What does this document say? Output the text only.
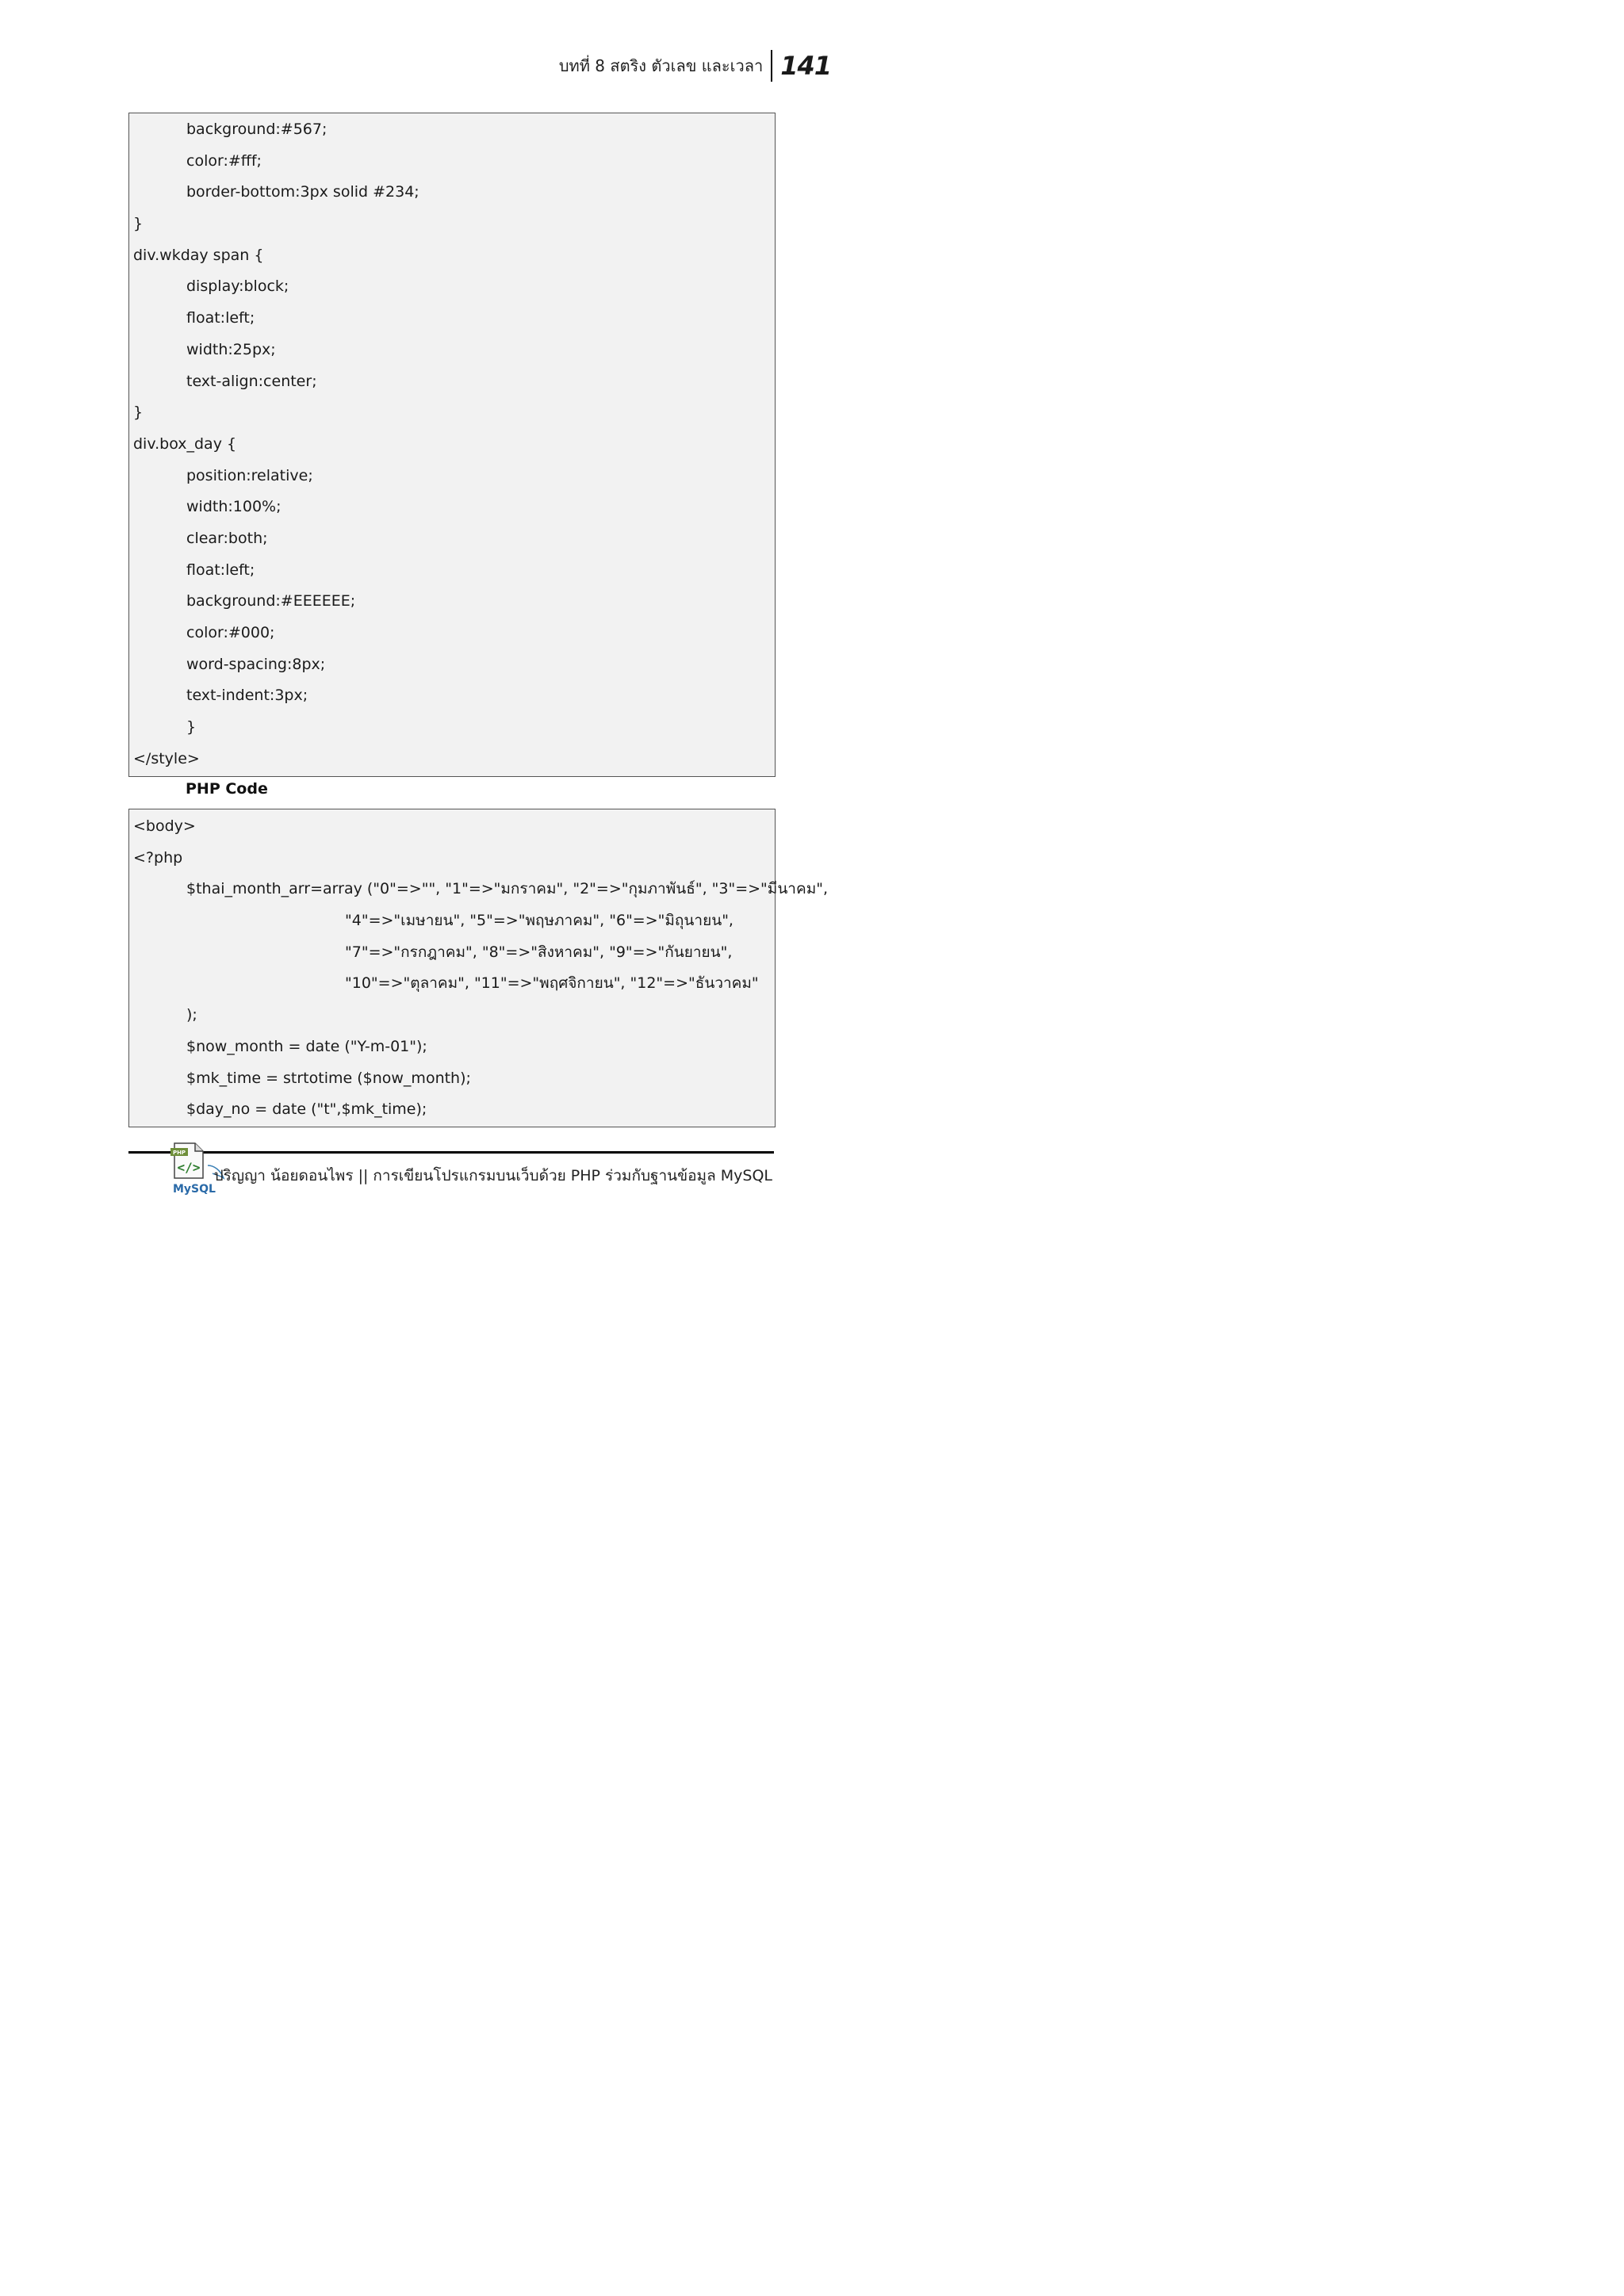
บทที่ 8 สตริง ตัวเลข และเวลา 141
background:#567;
color:#fff;
border-bottom:3px solid #234;
}
div.wkday span {
display:block;
float:left;
width:25px;
text-align:center;
}
div.box_day {
position:relative;
width:100%;
clear:both;
float:left;
background:#EEEEEE;
color:#000;
word-spacing:8px;
text-indent:3px;
}
</style>
PHP Code
<body>
<?php
$thai_month_arr=array ("0"=>"", "1"=>"มกราคม", "2"=>"กุมภาพันธ์", "3"=>"มีนาคม",
"4"=>"เมษายน", "5"=>"พฤษภาคม", "6"=>"มิถุนายน",
"7"=>"กรกฎาคม", "8"=>"สิงหาคม", "9"=>"กันยายน",
"10"=>"ตุลาคม", "11"=>"พฤศจิกายน", "12"=>"ธันวาคม"
);
$now_month = date ("Y-m-01");
$mk_time = strtotime ($now_month);
$day_no = date ("t",$mk_time);
PHP
</>
MySQL
ปริญญา น้อยดอนไพร || การเขียนโปรแกรมบนเว็บด้วย PHP ร่วมกับฐานข้อมูล MySQL
